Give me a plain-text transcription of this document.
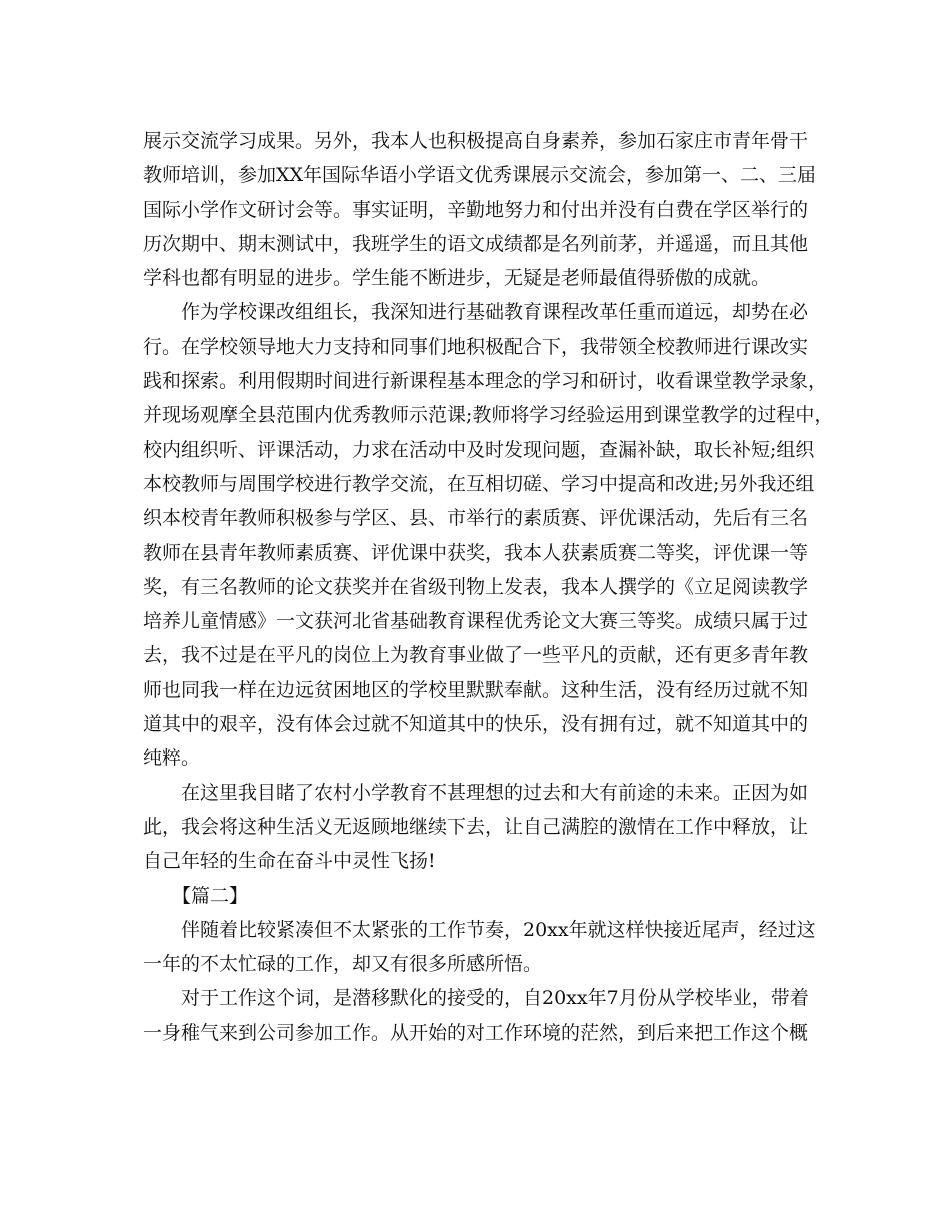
展示交流学习成果。另外，我本人也积极提高自身素养，参加石家庄市青年骨干
教师培训，参加XX年国际华语小学语文优秀课展示交流会，参加第一、二、三届
国际小学作文研讨会等。事实证明，辛勤地努力和付出并没有白费在学区举行的
历次期中、期末测试中，我班学生的语文成绩都是名列前茅，并遥遥，而且其他
学科也都有明显的进步。学生能不断进步，无疑是老师最值得骄傲的成就。
作为学校课改组组长，我深知进行基础教育课程改革任重而道远，却势在必
行。在学校领导地大力支持和同事们地积极配合下，我带领全校教师进行课改实
践和探索。利用假期时间进行新课程基本理念的学习和研讨，收看课堂教学录象，
并现场观摩全县范围内优秀教师示范课;教师将学习经验运用到课堂教学的过程中，
校内组织听、评课活动，力求在活动中及时发现问题，查漏补缺，取长补短;组织
本校教师与周围学校进行教学交流，在互相切磋、学习中提高和改进;另外我还组
织本校青年教师积极参与学区、县、市举行的素质赛、评优课活动，先后有三名
教师在县青年教师素质赛、评优课中获奖，我本人获素质赛二等奖，评优课一等
奖，有三名教师的论文获奖并在省级刊物上发表，我本人撰学的《立足阅读教学
培养儿童情感》一文获河北省基础教育课程优秀论文大赛三等奖。成绩只属于过
去，我不过是在平凡的岗位上为教育事业做了一些平凡的贡献，还有更多青年教
师也同我一样在边远贫困地区的学校里默默奉献。这种生活，没有经历过就不知
道其中的艰辛，没有体会过就不知道其中的快乐，没有拥有过，就不知道其中的
纯粹。
在这里我目睹了农村小学教育不甚理想的过去和大有前途的未来。正因为如
此，我会将这种生活义无返顾地继续下去，让自己满腔的激情在工作中释放，让
自己年轻的生命在奋斗中灵性飞扬!
【篇二】
伴随着比较紧凑但不太紧张的工作节奏，20xx年就这样快接近尾声，经过这
一年的不太忙碌的工作，却又有很多所感所悟。
对于工作这个词，是潜移默化的接受的，自20xx年7月份从学校毕业，带着
一身稚气来到公司参加工作。从开始的对工作环境的茫然，到后来把工作这个概
